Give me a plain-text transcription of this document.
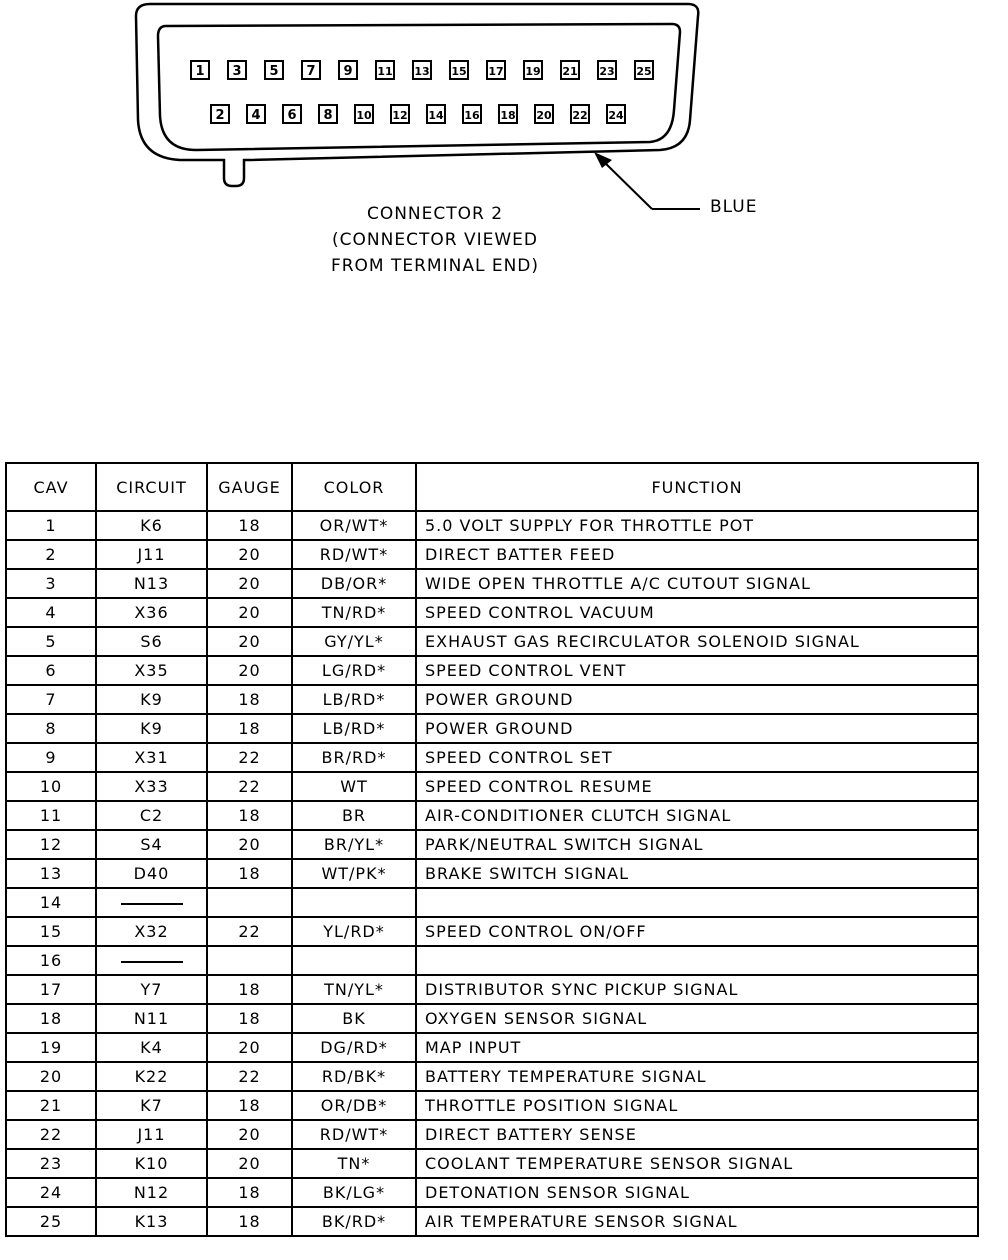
1 3 5 7 9 11 13 15 17 19 21 23 25
2 4 6 8 10 12 14 16 18 20 22 24
BLUE
CONNECTOR 2
(CONNECTOR VIEWED
FROM TERMINAL END)
CAV	CIRCUIT	GAUGE	COLOR	FUNCTION
1	K6	18	OR/WT*	5.0 VOLT SUPPLY FOR THROTTLE POT
2	J11	20	RD/WT*	DIRECT BATTER FEED
3	N13	20	DB/OR*	WIDE OPEN THROTTLE A/C CUTOUT SIGNAL
4	X36	20	TN/RD*	SPEED CONTROL VACUUM
5	S6	20	GY/YL*	EXHAUST GAS RECIRCULATOR SOLENOID SIGNAL
6	X35	20	LG/RD*	SPEED CONTROL VENT
7	K9	18	LB/RD*	POWER GROUND
8	K9	18	LB/RD*	POWER GROUND
9	X31	22	BR/RD*	SPEED CONTROL SET
10	X33	22	WT	SPEED CONTROL RESUME
11	C2	18	BR	AIR-CONDITIONER CLUTCH SIGNAL
12	S4	20	BR/YL*	PARK/NEUTRAL SWITCH SIGNAL
13	D40	18	WT/PK*	BRAKE SWITCH SIGNAL
14				
15	X32	22	YL/RD*	SPEED CONTROL ON/OFF
16				
17	Y7	18	TN/YL*	DISTRIBUTOR SYNC PICKUP SIGNAL
18	N11	18	BK	OXYGEN SENSOR SIGNAL
19	K4	20	DG/RD*	MAP INPUT
20	K22	22	RD/BK*	BATTERY TEMPERATURE SIGNAL
21	K7	18	OR/DB*	THROTTLE POSITION SIGNAL
22	J11	20	RD/WT*	DIRECT BATTERY SENSE
23	K10	20	TN*	COOLANT TEMPERATURE SENSOR SIGNAL
24	N12	18	BK/LG*	DETONATION SENSOR SIGNAL
25	K13	18	BK/RD*	AIR TEMPERATURE SENSOR SIGNAL
